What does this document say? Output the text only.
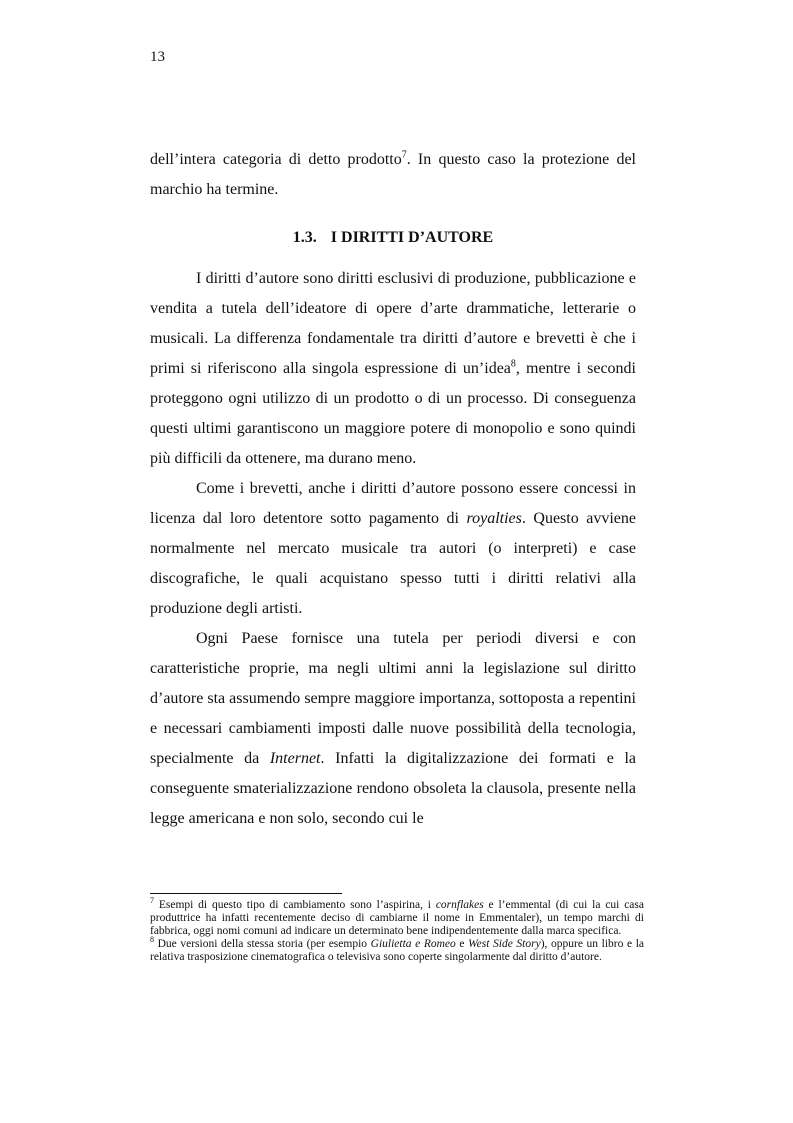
13

dell’intera categoria di detto prodotto$^7$. In questo caso la protezione del marchio ha termine.

1.3. I DIRITTI D’AUTORE

I diritti d’autore sono diritti esclusivi di produzione, pubblicazione e vendita a tutela dell’ideatore di opere d’arte drammatiche, letterarie o musicali. La differenza fondamentale tra diritti d’autore e brevetti è che i primi si riferiscono alla singola espressione di un’idea$^8$, mentre i secondi proteggono ogni utilizzo di un prodotto o di un processo. Di conseguenza questi ultimi garantiscono un maggiore potere di monopolio e sono quindi più difficili da ottenere, ma durano meno.

Come i brevetti, anche i diritti d’autore possono essere concessi in licenza dal loro detentore sotto pagamento di royalties. Questo avviene normalmente nel mercato musicale tra autori (o interpreti) e case discografiche, le quali acquistano spesso tutti i diritti relativi alla produzione degli artisti.

Ogni Paese fornisce una tutela per periodi diversi e con caratteristiche proprie, ma negli ultimi anni la legislazione sul diritto d’autore sta assumendo sempre maggiore importanza, sottoposta a repentini e necessari cambiamenti imposti dalle nuove possibilità della tecnologia, specialmente da Internet. Infatti la digitalizzazione dei formati e la conseguente smaterializzazione rendono obsoleta la clausola, presente nella legge americana e non solo, secondo cui le

$^7$ Esempi di questo tipo di cambiamento sono l’aspirina, i cornflakes e l’emmental (di cui la cui casa produttrice ha infatti recentemente deciso di cambiarne il nome in Emmentaler), un tempo marchi di fabbrica, oggi nomi comuni ad indicare un determinato bene indipendentemente dalla marca specifica.

$^8$ Due versioni della stessa storia (per esempio Giulietta e Romeo e West Side Story), oppure un libro e la relativa trasposizione cinematografica o televisiva sono coperte singolarmente dal diritto d’autore.
